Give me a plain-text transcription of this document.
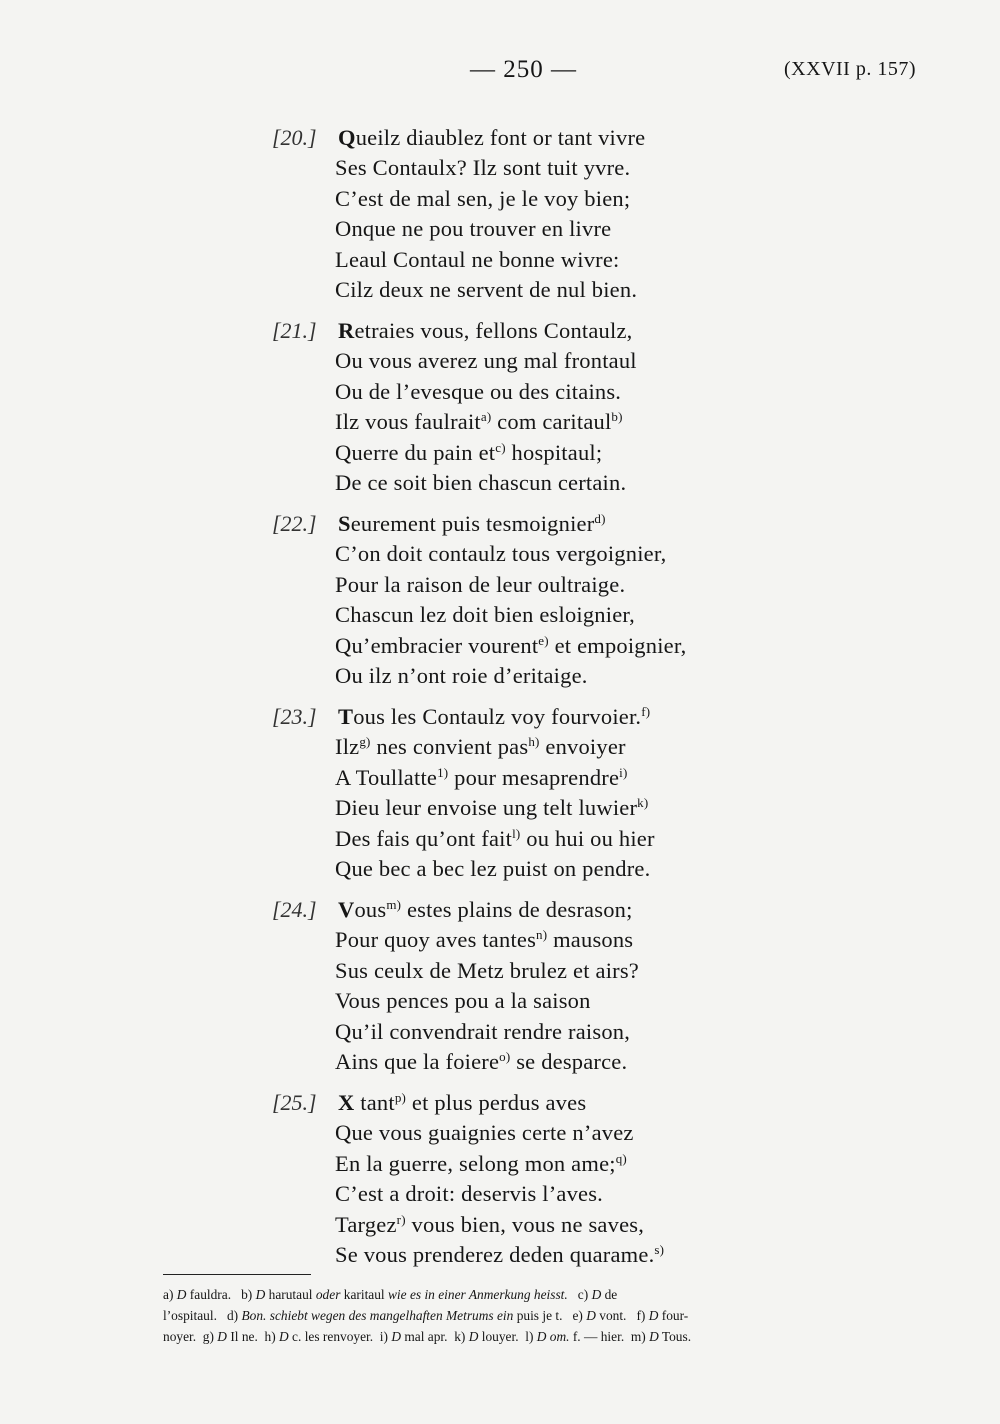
— 250 —	(XXVII p. 157)
[20.] Queilz diaublez font or tant vivre
Ses Contaulx? Ilz sont tuit yvre.
C’est de mal sen, je le voy bien;
Onque ne pou trouver en livre
Leaul Contaul ne bonne wivre:
Cilz deux ne servent de nul bien.
[21.] Retraies vous, fellons Contaulz,
Ou vous averez ung mal frontaul
Ou de l’evesque ou des citains.
Ilz vous faulrait$^{a)}$ com caritaul$^{b)}$
Querre du pain $et^{c)}$ hospitaul;
De ce soit bien chascun certain.
[22.] Seurement puis tesmoignier$^{d)}$
C’on doit contaulz tous vergoignier,
Pour la raison de leur oultraige.
Chascun lez doit bien esloignier,
Qu’embracier vourent$^{e)}$ et empoignier,
Ou ilz n’ont roie d’eritaige.
[23.] Tous les Contaulz voy fourvoier.$^{f)}$
Ilz$^{g)}$ nes convient pas$^{h)}$ envoiyer
A Toullatte$^{1)}$ pour mesaprendre$^{i)}$
Dieu leur envoise ung telt luwier$^{k)}$
Des fais qu’ont fait$^{l)}$ ou hui ou hier
Que bec a bec lez puist on pendre.
[24.] Vous$^{m)}$ estes plains de desrason;
Pour quoy aves tantes$^{n)}$ mausons
Sus ceulx de Metz brulez et airs?
Vous pences pou a la saison
Qu’il convendrait rendre raison,
Ains que la foiere$^{o)}$ se desparce.
[25.] X tant$^{p)}$ et plus perdus aves
Que vous guaignies certe n’avez
En la guerre, selong mon ame;$^{q)}$
C’est a droit: deservis l’aves.
Targez$^{r)}$ vous bien, vous ne saves,
Se vous prenderez deden quarame.$^{s)}$
a) D fauldra.   b) D harutaul oder karitaul wie es in einer Anmerkung heisst.   c) D de
l’ospitaul.   d) Bon. schiebt wegen des mangelhaften Metrums ein puis je t.   e) D vont.   f) D four-
noyer.  g) D Il ne.  h) D c. les renvoyer.  i) D mal apr.  k) D louyer.  l) D om. f. — hier.  m) D Tous.
